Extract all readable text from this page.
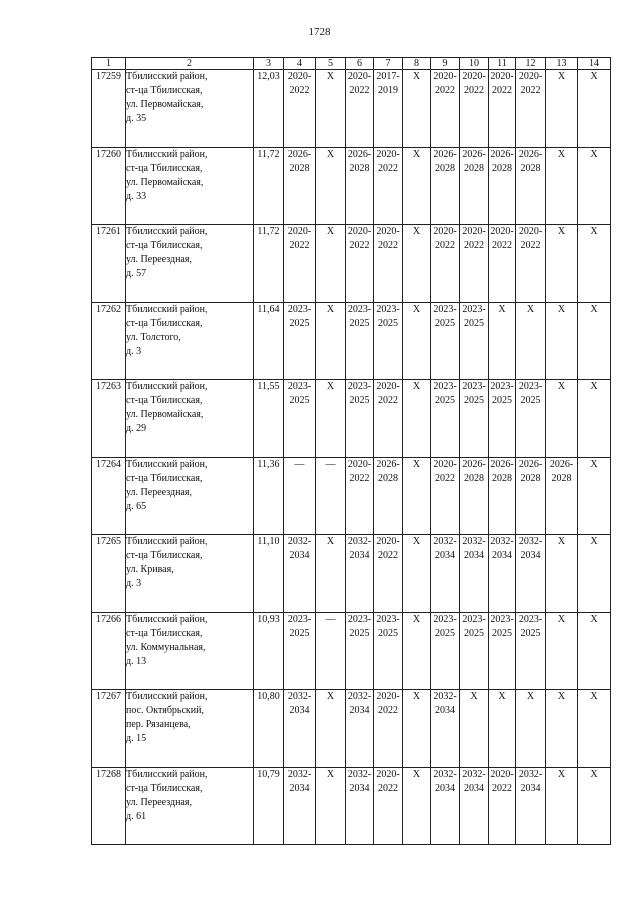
1728
1	2	3	4	5	6	7	8	9	10	11	12	13	14
17259	Тбилисский район,
ст-ца Тбилисская,
ул. Первомайская,
д. 35	12,03	2020-
2022	Х	2020-
2022	2017-
2019	Х	2020-
2022	2020-
2022	2020-
2022	2020-
2022	Х	Х

17260	Тбилисский район,
ст-ца Тбилисская,
ул. Первомайская,
д. 33	11,72	2026-
2028	Х	2026-
2028	2020-
2022	Х	2026-
2028	2026-
2028	2026-
2028	2026-
2028	Х	Х

17261	Тбилисский район,
ст-ца Тбилисская,
ул. Переездная,
д. 57	11,72	2020-
2022	Х	2020-
2022	2020-
2022	Х	2020-
2022	2020-
2022	2020-
2022	2020-
2022	Х	Х

17262	Тбилисский район,
ст-ца Тбилисская,
ул. Толстого,
д. 3	11,64	2023-
2025	Х	2023-
2025	2023-
2025	Х	2023-
2025	2023-
2025	Х	Х	Х	Х

17263	Тбилисский район,
ст-ца Тбилисская,
ул. Первомайская,
д. 29	11,55	2023-
2025	Х	2023-
2025	2020-
2022	Х	2023-
2025	2023-
2025	2023-
2025	2023-
2025	Х	Х

17264	Тбилисский район,
ст-ца Тбилисская,
ул. Переездная,
д. 65	11,36	—	—	2020-
2022	2026-
2028	Х	2020-
2022	2026-
2028	2026-
2028	2026-
2028	2026-
2028	Х

17265	Тбилисский район,
ст-ца Тбилисская,
ул. Кривая,
д. 3	11,10	2032-
2034	Х	2032-
2034	2020-
2022	Х	2032-
2034	2032-
2034	2032-
2034	2032-
2034	Х	Х

17266	Тбилисский район,
ст-ца Тбилисская,
ул. Коммунальная,
д. 13	10,93	2023-
2025	—	2023-
2025	2023-
2025	Х	2023-
2025	2023-
2025	2023-
2025	2023-
2025	Х	Х

17267	Тбилисский район,
пос. Октябрьский,
пер. Рязанцева,
д. 15	10,80	2032-
2034	Х	2032-
2034	2020-
2022	Х	2032-
2034	Х	Х	Х	Х	Х

17268	Тбилисский район,
ст-ца Тбилисская,
ул. Переездная,
д. 61	10,79	2032-
2034	Х	2032-
2034	2020-
2022	Х	2032-
2034	2032-
2034	2020-
2022	2032-
2034	Х	Х
